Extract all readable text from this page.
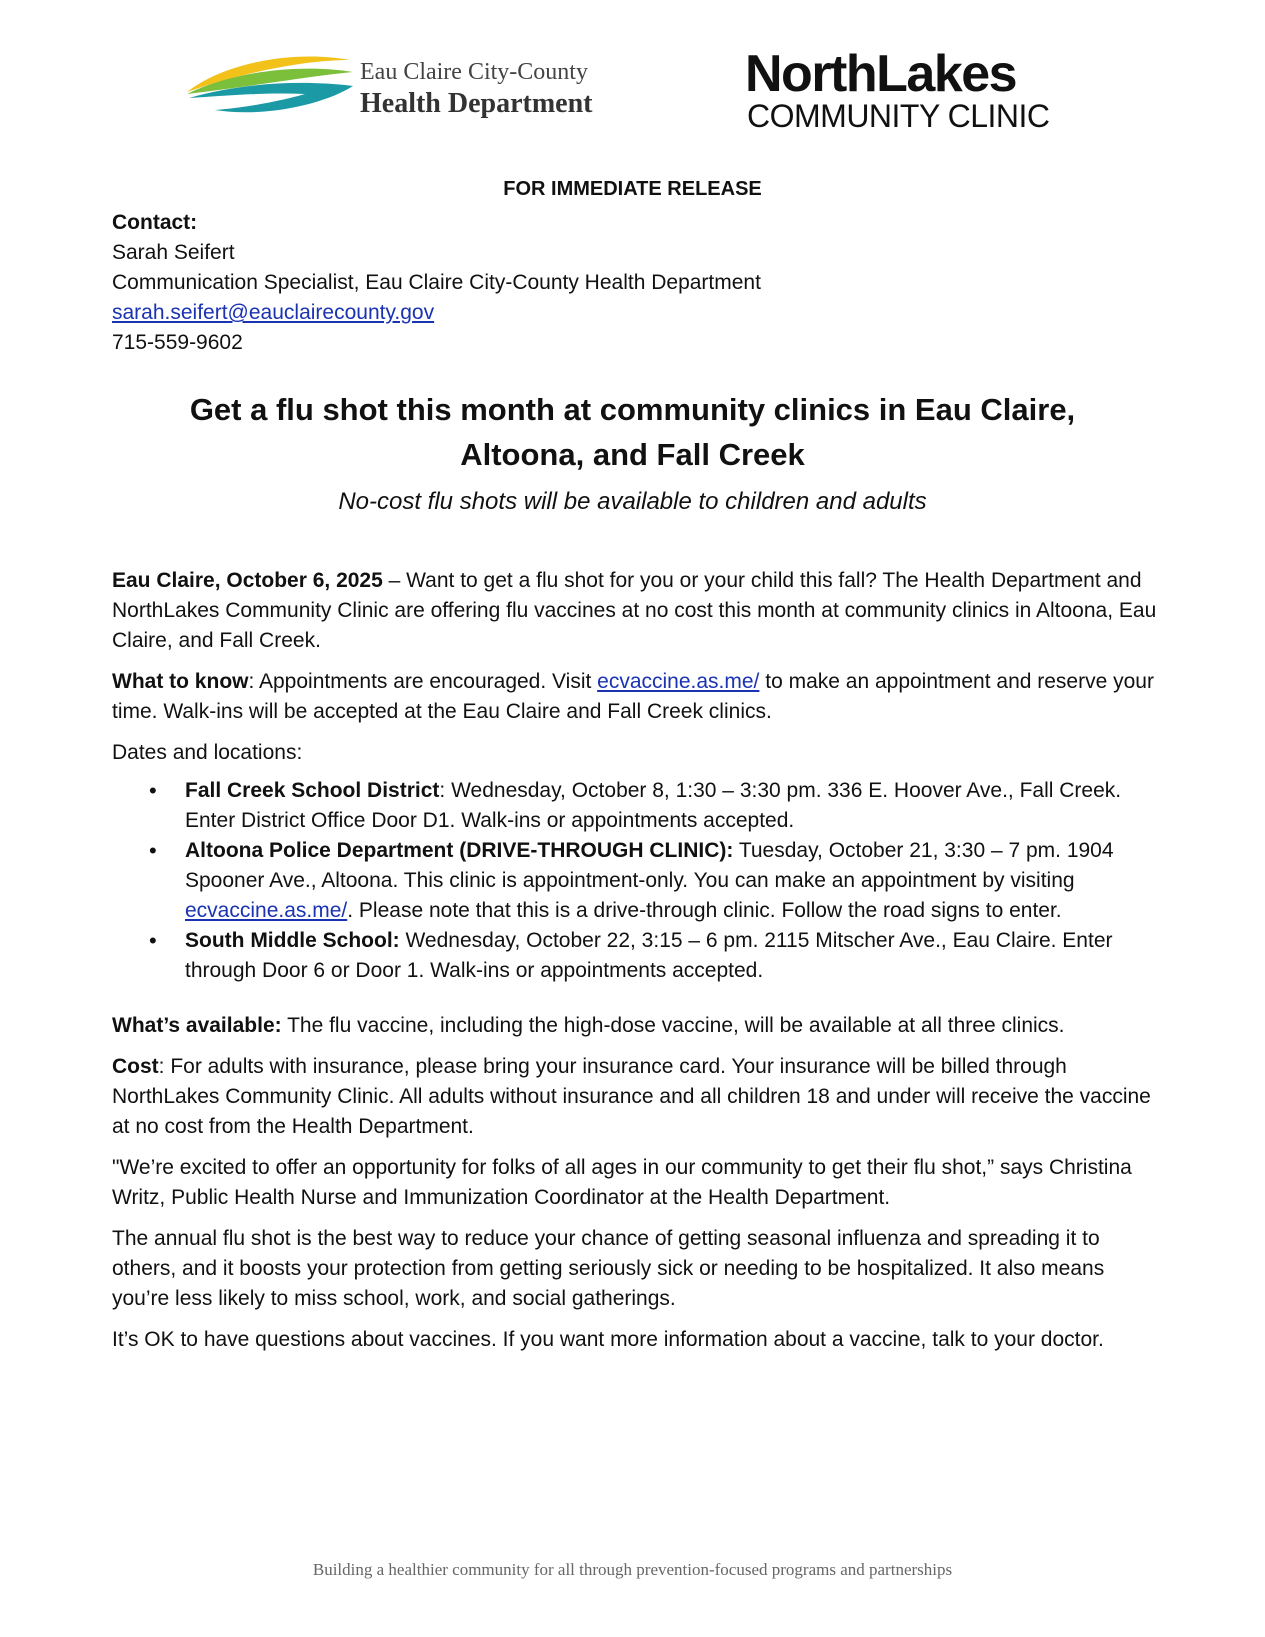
Eau Claire City-County
Health Department
NorthLakes
COMMUNITY CLINIC
FOR IMMEDIATE RELEASE
Contact:
Sarah Seifert
Communication Specialist, Eau Claire City-County Health Department
sarah.seifert@eauclairecounty.gov
715-559-9602
Get a flu shot this month at community clinics in Eau Claire, Altoona, and Fall Creek
No-cost flu shots will be available to children and adults

Eau Claire, October 6, 2025 – Want to get a flu shot for you or your child this fall? The Health Department and NorthLakes Community Clinic are offering flu vaccines at no cost this month at community clinics in Altoona, Eau Claire, and Fall Creek.

What to know: Appointments are encouraged. Visit ecvaccine.as.me/ to make an appointment and reserve your time. Walk-ins will be accepted at the Eau Claire and Fall Creek clinics.

Dates and locations:

• Fall Creek School District: Wednesday, October 8, 1:30 – 3:30 pm. 336 E. Hoover Ave., Fall Creek. Enter District Office Door D1. Walk-ins or appointments accepted.
• Altoona Police Department (DRIVE-THROUGH CLINIC): Tuesday, October 21, 3:30 – 7 pm. 1904 Spooner Ave., Altoona. This clinic is appointment-only. You can make an appointment by visiting ecvaccine.as.me/. Please note that this is a drive-through clinic. Follow the road signs to enter.
• South Middle School: Wednesday, October 22, 3:15 – 6 pm. 2115 Mitscher Ave., Eau Claire. Enter through Door 6 or Door 1. Walk-ins or appointments accepted.

What’s available: The flu vaccine, including the high-dose vaccine, will be available at all three clinics.

Cost: For adults with insurance, please bring your insurance card. Your insurance will be billed through NorthLakes Community Clinic. All adults without insurance and all children 18 and under will receive the vaccine at no cost from the Health Department.

"We’re excited to offer an opportunity for folks of all ages in our community to get their flu shot,” says Christina Writz, Public Health Nurse and Immunization Coordinator at the Health Department.

The annual flu shot is the best way to reduce your chance of getting seasonal influenza and spreading it to others, and it boosts your protection from getting seriously sick or needing to be hospitalized. It also means you’re less likely to miss school, work, and social gatherings.

It’s OK to have questions about vaccines. If you want more information about a vaccine, talk to your doctor.

Building a healthier community for all through prevention-focused programs and partnerships
